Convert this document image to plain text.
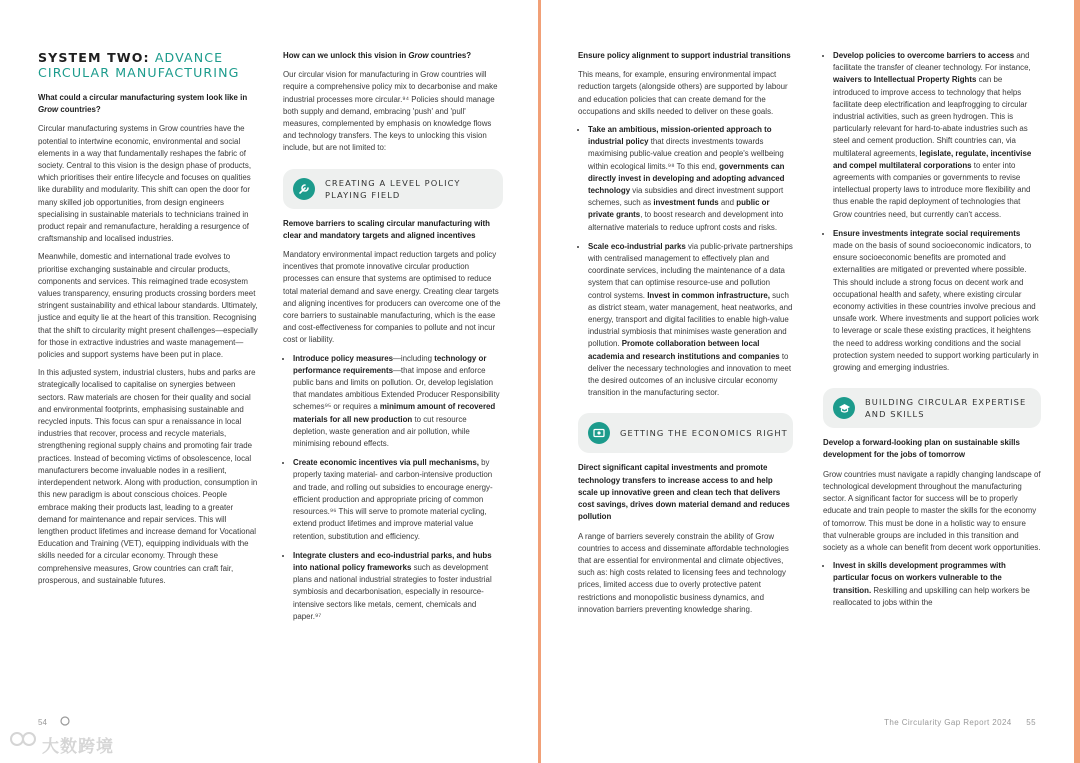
SYSTEM TWO: ADVANCE CIRCULAR MANUFACTURING
What could a circular manufacturing system look like in Grow countries?

Circular manufacturing systems in Grow countries have the potential to intertwine economic, environmental and social elements in a way that fundamentally reshapes the fabric of society. Central to this vision is the design phase of products, which prioritises their entire lifecycle and focuses on qualities like durability and modularity. This shift can open the door for many skilled job opportunities, from design engineers specialising in sustainable materials to technicians trained in product repair and remanufacture, heralding a resurgence of craftsmanship and localised industries.

Meanwhile, domestic and international trade evolves to prioritise exchanging sustainable and circular products, components and services. This reimagined trade ecosystem values transparency, ensuring products crossing borders meet stringent sustainability and ethical labour standards. Ultimately, justice and equity lie at the heart of this transition. Recognising that the shift to circularity might present challenges—especially for those in extractive industries and waste management—policies and support systems have been put in place.

In this adjusted system, industrial clusters, hubs and parks are strategically localised to capitalise on synergies between sectors. Raw materials are chosen for their quality and social and environmental footprints, emphasising sustainable and recycled inputs. This focus can spur a renaissance in local industries that recover, process and recycle materials, strengthening regional supply chains and promoting fair trade practices. Instead of becoming victims of obsolescence, local manufacturers become invaluable nodes in a resilient, interdependent network. Along with production, consumption in this new paradigm is about conscious choices. People embrace making their products last, leading to a greater demand for maintenance and repair services. This will lengthen product lifetimes and increase demand for Vocational Education and Training (VET), equipping individuals with the skills needed for a circular economy. Through these comprehensive measures, Grow countries can craft fair, prosperous, and sustainable futures.

How can we unlock this vision in Grow countries?

Our circular vision for manufacturing in Grow countries will require a comprehensive policy mix to decarbonise and make industrial processes more circular.⁹⁴ Policies should manage both supply and demand, embracing 'push' and 'pull' measures, complemented by emphasis on knowledge flows and technology transfers. The keys to unlocking this vision include, but are not limited to:

CREATING A LEVEL POLICY PLAYING FIELD
Remove barriers to scaling circular manufacturing with clear and mandatory targets and aligned incentives

Mandatory environmental impact reduction targets and policy incentives that promote innovative circular production processes can ensure that systems are optimised to reduce total material demand and save energy. Creating clear targets and aligning incentives for producers can overcome one of the core barriers to sustainable manufacturing, which is the ease and cost-effectiveness for companies to pollute and not incur cost or liability.

• Introduce policy measures—including technology or performance requirements—that impose and enforce public bans and limits on pollution. Or, develop legislation that mandates ambitious Extended Producer Responsibility schemes⁹⁵ or requires a minimum amount of recovered materials for all new production to cut resource depletion, waste generation and air pollution, while minimising rebound effects.
• Create economic incentives via pull mechanisms, by properly taxing material- and carbon-intensive production and trade, and rolling out subsidies to encourage energy-efficient production and appropriate pricing of common resources.⁹⁶ This will serve to promote material cycling, extend product lifetimes and improve material value retention, substitution and efficiency.
• Integrate clusters and eco-industrial parks, and hubs into national policy frameworks such as development plans and national industrial strategies to foster industrial symbiosis and decarbonisation, especially in resource-intensive sectors like metals, cement, chemicals and paper.⁹⁷
54
大数跨境
Ensure policy alignment to support industrial transitions

This means, for example, ensuring environmental impact reduction targets (alongside others) are supported by labour and education policies that can create demand for the occupations and skills needed to deliver on these goals.

• Take an ambitious, mission-oriented approach to industrial policy that directs investments towards maximising public-value creation and people's wellbeing within ecological limits.⁹⁸ To this end, governments can directly invest in developing and adopting advanced technology via subsidies and direct investment support schemes, such as investment funds and public or private grants, to boost research and development into alternative materials to reduce upfront costs and risks.
• Scale eco-industrial parks via public-private partnerships with centralised management to effectively plan and coordinate services, including the maintenance of a data system that can optimise resource-use and pollution control systems. Invest in common infrastructure, such as district steam, water management, heat neatworks, and energy, transport and digital facilities to enable high-value industrial symbiosis that minimises waste generation and pollution. Promote collaboration between local academia and research institutions and companies to deliver the necessary technologies and innovation to meet the desired outcomes of an inclusive circular economy transition in the manufacturing sector.
GETTING THE ECONOMICS RIGHT
Direct significant capital investments and promote technology transfers to increase access to and help scale up innovative green and clean tech that delivers cost savings, drives down material demand and reduces pollution

A range of barriers severely constrain the ability of Grow countries to access and disseminate affordable technologies that are essential for environmental and climate objectives, such as: high costs related to licensing fees and technology prices, limited access due to overly protective patent restrictions and monopolistic business dynamics, and innovation barriers preventing knowledge sharing.

• Develop policies to overcome barriers to access and facilitate the transfer of cleaner technology. For instance, waivers to Intellectual Property Rights can be introduced to improve access to technology that helps facilitate deep electrification and leapfrogging to circular industrial activities, such as green hydrogen. This is particularly relevant for hard-to-abate industries such as steel and cement production. Shift countries can, via multilateral agreements, legislate, regulate, incentivise and compel multilateral corporations to enter into agreements with companies or governments to revise intellectual property laws to introduce more flexibility and thus enable the rapid deployment of technologies that Grow countries need, but currently can't access.
• Ensure investments integrate social requirements made on the basis of sound socioeconomic indicators, to ensure socioeconomic benefits are promoted and externalities are mitigated or prevented where possible. This should include a strong focus on decent work and occupational health and safety, where existing circular economy activities in these countries involve precious and unsafe work. Where investments and support policies work to leverage or scale these existing practices, it heightens the need to address working conditions and the social protection system needed to support working particularly in growing and emerging industries.
BUILDING CIRCULAR EXPERTISE AND SKILLS
Develop a forward-looking plan on sustainable skills development for the jobs of tomorrow

Grow countries must navigate a rapidly changing landscape of technological development throughout the manufacturing sector. A significant factor for success will be to properly educate and train people to master the skills for the economy of tomorrow. This must be done in a holistic way to ensure that vulnerable groups are included in this transition and society as a whole can benefit from decent work opportunities.

• Invest in skills development programmes with particular focus on workers vulnerable to the transition. Reskilling and upskilling can help workers be reallocated to jobs within the
The Circularity Gap Report 2024 55
